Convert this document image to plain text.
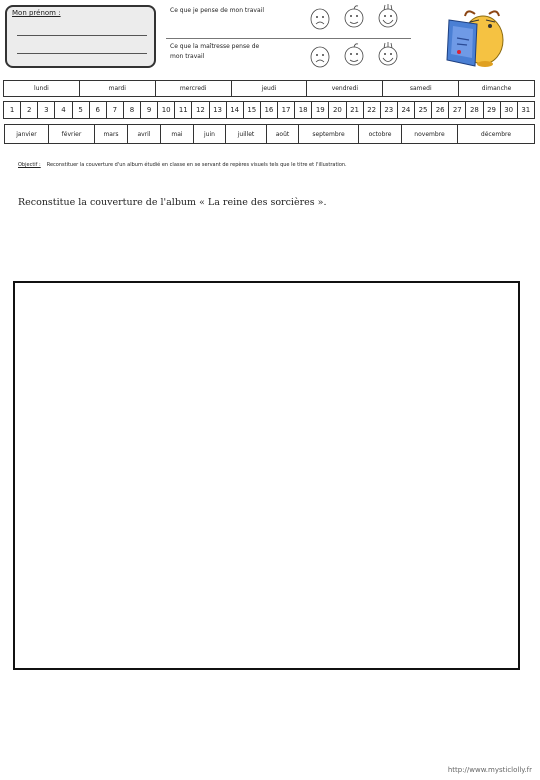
Mon prénom :	Ce que je pense de mon travail
Ce que la maîtresse pense de mon travail
lundi	mardi	mercredi	jeudi	vendredi	samedi	dimanche
1	2	3	4	5	6	7	8	9	10	11	12	13	14	15	16	17	18	19	20	21	22	23	24	25	26	27	28	29	30	31
janvier	février	mars	avril	mai	juin	juillet	août	septembre	octobre	novembre	décembre
Objectif : Reconstituer la couverture d'un album étudié en classe en se servant de repères visuels tels que le titre et l'illustration.
Reconstitue la couverture de l'album « La reine des sorcières ».
http://www.mysticlolly.fr
